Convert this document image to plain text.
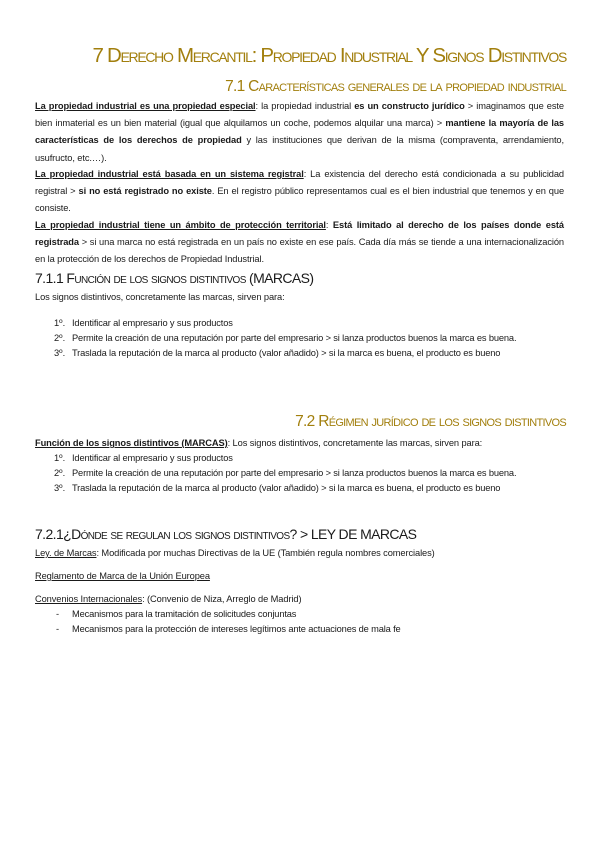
7 Derecho Mercantil: Propiedad Industrial Y Signos Distintivos
7.1 Características generales de la propiedad industrial

La propiedad industrial es una propiedad especial: la propiedad industrial es un constructo jurídico > imaginamos que este bien inmaterial es un bien material (igual que alquilamos un coche, podemos alquilar una marca) > mantiene la mayoría de las características de los derechos de propiedad y las instituciones que derivan de la misma (compraventa, arrendamiento, usufructo, etc.…).

La propiedad industrial está basada en un sistema registral: La existencia del derecho está condicionada a su publicidad registral > si no está registrado no existe. En el registro público representamos cual es el bien industrial que tenemos y en que consiste.

La propiedad industrial tiene un ámbito de protección territorial: Está limitado al derecho de los países donde está registrada > si una marca no está registrada en un país no existe en ese país. Cada día más se tiende a una internacionalización en la protección de los derechos de Propiedad Industrial.

7.1.1 Función de los signos distintivos (MARCAS)

Los signos distintivos, concretamente las marcas, sirven para:

1º. Identificar al empresario y sus productos
2º. Permite la creación de una reputación por parte del empresario > si lanza productos buenos la marca es buena.
3º. Traslada la reputación de la marca al producto (valor añadido) > si la marca es buena, el producto es bueno
7.2 Régimen jurídico de los signos distintivos

Función de los signos distintivos (MARCAS): Los signos distintivos, concretamente las marcas, sirven para:

1º. Identificar al empresario y sus productos
2º. Permite la creación de una reputación por parte del empresario > si lanza productos buenos la marca es buena.
3º. Traslada la reputación de la marca al producto (valor añadido) > si la marca es buena, el producto es bueno
7.2.1¿Dónde se regulan los signos distintivos? > LEY DE MARCAS

Ley. de Marcas: Modificada por muchas Directivas de la UE (También regula nombres comerciales)

Reglamento de Marca de la Unión Europea

Convenios Internacionales: (Convenio de Niza, Arreglo de Madrid)

- Mecanismos para la tramitación de solicitudes conjuntas
- Mecanismos para la protección de intereses legítimos ante actuaciones de mala fe
